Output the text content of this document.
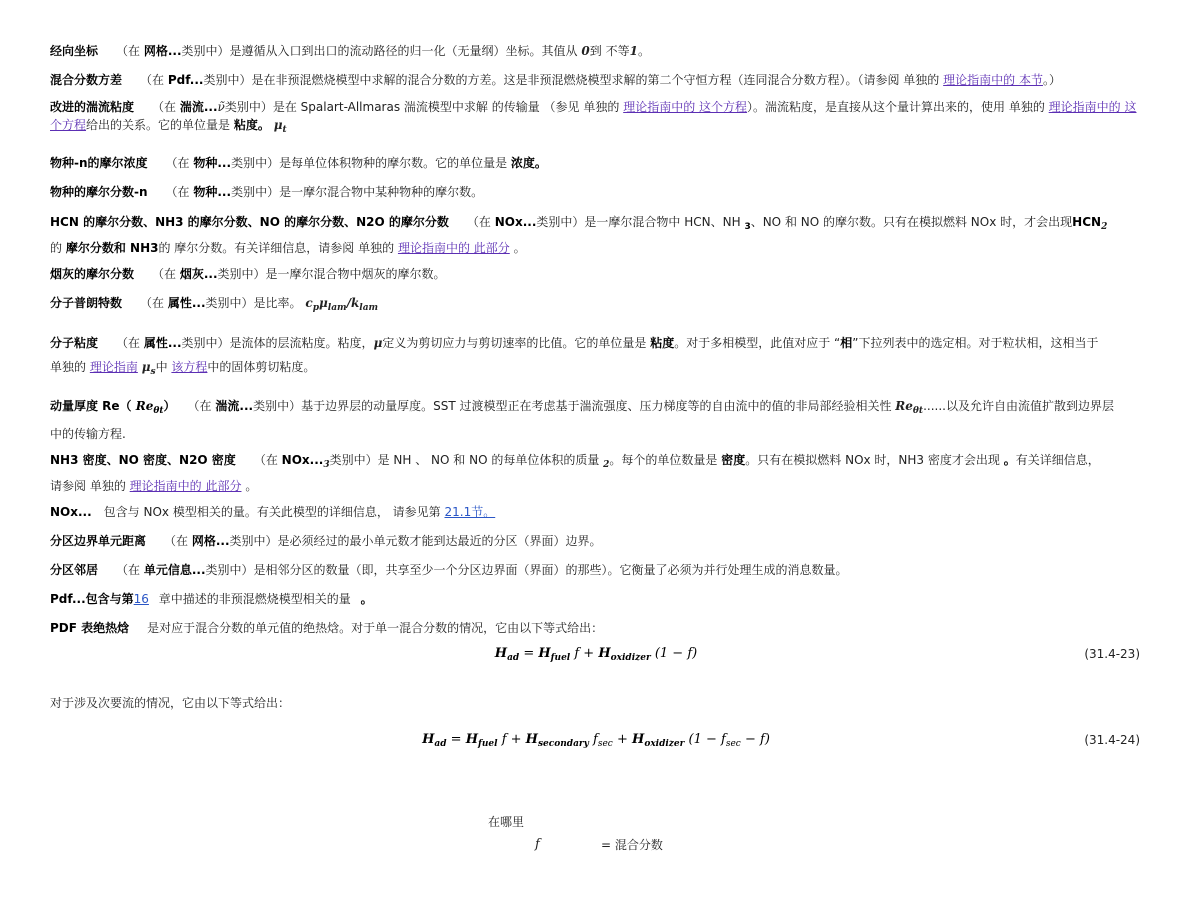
经向坐标 （在 网格...类别中）是遵循从入口到出口的流动路径的归一化（无量纲）坐标。其值从 0到 不等1。
混合分数方差 （在 Pdf...类别中）是在非预混燃烧模型中求解的混合分数的方差。这是非预混燃烧模型求解的第二个守恒方程（连同混合分数方程）。（请参阅 单独的 理论指南中的 本节。）
改进的湍流粘度 （在 湍流...ν̃类别中）是在 Spalart-Allmaras 湍流模型中求解 的传输量 （参见 单独的 理论指南中的 这个方程）。湍流粘度，是直接从这个量计算出来的，使用 单独的 理论指南中的 这个方程给出的关系。它的单位量是 粘度。 $\mu_t$
物种-n的摩尔浓度 （在 物种...类别中）是每单位体积物种的摩尔数。它的单位量是 浓度。
物种的摩尔分数-n （在 物种...类别中）是一摩尔混合物中某种物种的摩尔数。
HCN 的摩尔分数、NH3 的摩尔分数、NO 的摩尔分数、N2O 的摩尔分数 （在 NOx...类别中）是一摩尔混合物中 HCN、NH $_3$、NO 和 NO 的摩尔数。只有在模拟燃料 NOx 时，才会出现$HCN_2$
的 摩尔分数和 NH3的 摩尔分数。有关详细信息，请参阅 单独的 理论指南中的 此部分 。
烟灰的摩尔分数 （在 烟灰...类别中）是一摩尔混合物中烟灰的摩尔数。
分子普朗特数 （在 属性...类别中）是比率。 $c_p\mu_{lam}/k_{lam}$
分子粘度 （在 属性...类别中）是流体的层流粘度。粘度，μ定义为剪切应力与剪切速率的比值。它的单位量是 粘度。对于多相模型，此值对应于 “相”下拉列表中的选定相。对于粒状相，这相当于
单独的 理论指南 $\mu_s$中 该方程中的固体剪切粘度。
动量厚度 Re（ $Re_{\theta t}$） （在 湍流...类别中）基于边界层的动量厚度。SST 过渡模型正在考虑基于湍流强度、压力梯度等的自由流中的值的非局部经验相关性 $Re_{\theta t}$......以及允许自由流值扩散到边界层
中的传输方程.
NH3 密度、NO 密度、N2O 密度 （在 $NOx..._3$类别中）是 NH 、 NO 和 NO 的每单位体积的质量 $_2$。每个的单位数量是 密度。只有在模拟燃料 NOx 时，NH3 密度才会出现 。有关详细信息，
请参阅 单独的 理论指南中的 此部分 。
NOx... 包含与 NOx 模型相关的量。有关此模型的详细信息， 请参见第 21.1节。
分区边界单元距离 （在 网格...类别中）是必须经过的最小单元数才能到达最近的分区（界面）边界。
分区邻居 （在 单元信息...类别中）是相邻分区的数量（即，共享至少一个分区边界面（界面）的那些）。它衡量了必须为并行处理生成的消息数量。
Pdf...包含与第16 章中描述的非预混燃烧模型相关的量 。
PDF 表绝热焓 是对应于混合分数的单元值的绝热焓。对于单一混合分数的情况，它由以下等式给出：
$H_{ad} = H_{fuel}$ $f + H_{oxidizer}$ (1 − f)	(31.4-23)
对于涉及次要流的情况，它由以下等式给出：
$H_{ad} = H_{fuel}$ $f + H_{secondary}$ $f_{sec} + H_{oxidizer}$ $(1 - f_{sec} - f)$	(31.4-24)
在哪里
f	= 混合分数
